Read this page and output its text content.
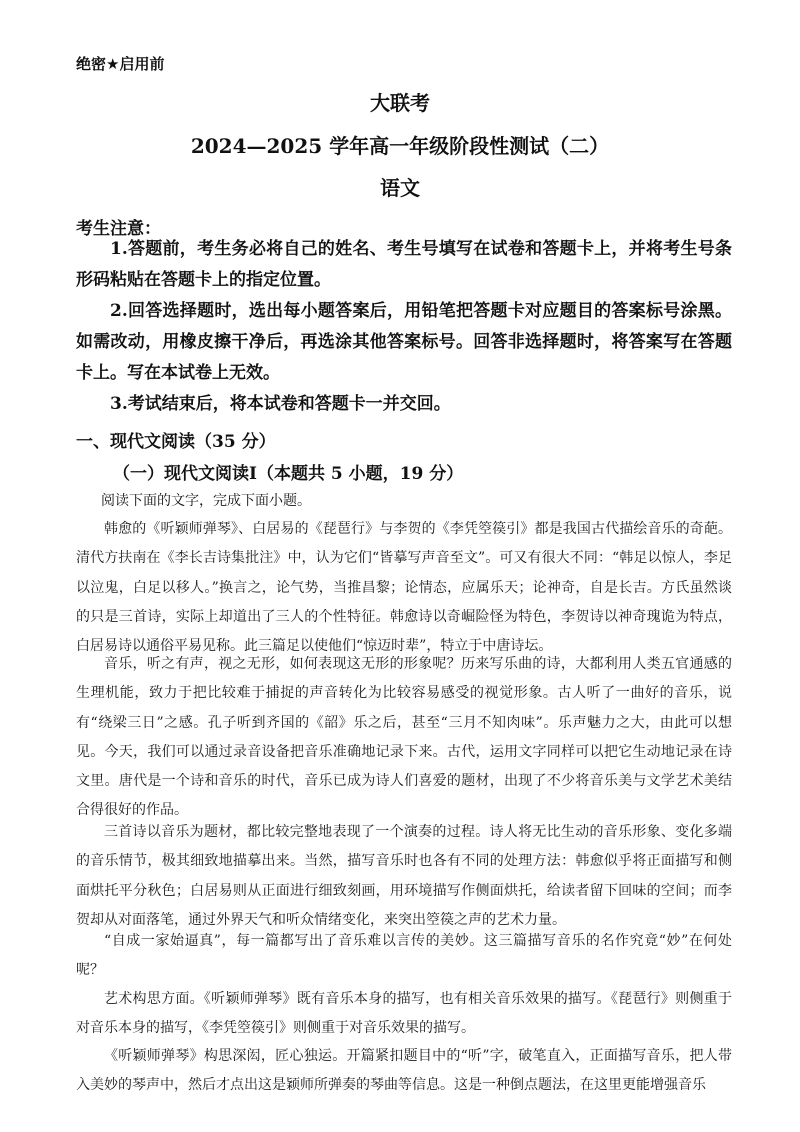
绝密★启用前
大联考
2024—2025 学年高一年级阶段性测试（二）
语文
考生注意：
1.答题前，考生务必将自己的姓名、考生号填写在试卷和答题卡上，并将考生号条形码粘贴在答题卡上的指定位置。
2.回答选择题时，选出每小题答案后，用铅笔把答题卡对应题目的答案标号涂黑。如需改动，用橡皮擦干净后，再选涂其他答案标号。回答非选择题时，将答案写在答题卡上。写在本试卷上无效。
3.考试结束后，将本试卷和答题卡一并交回。
一、现代文阅读（35 分）
（一）现代文阅读Ⅰ（本题共 5 小题，19 分）
阅读下面的文字，完成下面小题。
韩愈的《听颖师弹琴》、白居易的《琵琶行》与李贺的《李凭箜篌引》都是我国古代描绘音乐的奇葩。清代方扶南在《李长吉诗集批注》中，认为它们“皆摹写声音至文”。可又有很大不同：“韩足以惊人，李足以泣鬼，白足以移人。”换言之，论气势，当推昌黎；论情态，应属乐天；论神奇，自是长吉。方氏虽然谈的只是三首诗，实际上却道出了三人的个性特征。韩愈诗以奇崛险怪为特色，李贺诗以神奇瑰诡为特点，白居易诗以通俗平易见称。此三篇足以使他们“惊迈时辈”，特立于中唐诗坛。
音乐，听之有声，视之无形，如何表现这无形的形象呢？历来写乐曲的诗，大都利用人类五官通感的生理机能，致力于把比较难于捕捉的声音转化为比较容易感受的视觉形象。古人听了一曲好的音乐，说有“绕梁三日”之感。孔子听到齐国的《韶》乐之后，甚至“三月不知肉味”。乐声魅力之大，由此可以想见。今天，我们可以通过录音设备把音乐准确地记录下来。古代，运用文字同样可以把它生动地记录在诗文里。唐代是一个诗和音乐的时代，音乐已成为诗人们喜爱的题材，出现了不少将音乐美与文学艺术美结合得很好的作品。
三首诗以音乐为题材，都比较完整地表现了一个演奏的过程。诗人将无比生动的音乐形象、变化多端的音乐情节，极其细致地描摹出来。当然，描写音乐时也各有不同的处理方法：韩愈似乎将正面描写和侧面烘托平分秋色；白居易则从正面进行细致刻画，用环境描写作侧面烘托，给读者留下回味的空间；而李贺却从对面落笔，通过外界天气和听众情绪变化，来突出箜篌之声的艺术力量。
“自成一家始逼真”，每一篇都写出了音乐难以言传的美妙。这三篇描写音乐的名作究竟“妙”在何处呢？
艺术构思方面。《听颖师弹琴》既有音乐本身的描写，也有相关音乐效果的描写。《琵琶行》则侧重于对音乐本身的描写，《李凭箜篌引》则侧重于对音乐效果的描写。
《听颖师弹琴》构思深闳，匠心独运。开篇紧扣题目中的“听”字，破笔直入，正面描写音乐，把人带入美妙的琴声中，然后才点出这是颖师所弹奏的琴曲等信息。这是一种倒点题法，在这里更能增强音乐
